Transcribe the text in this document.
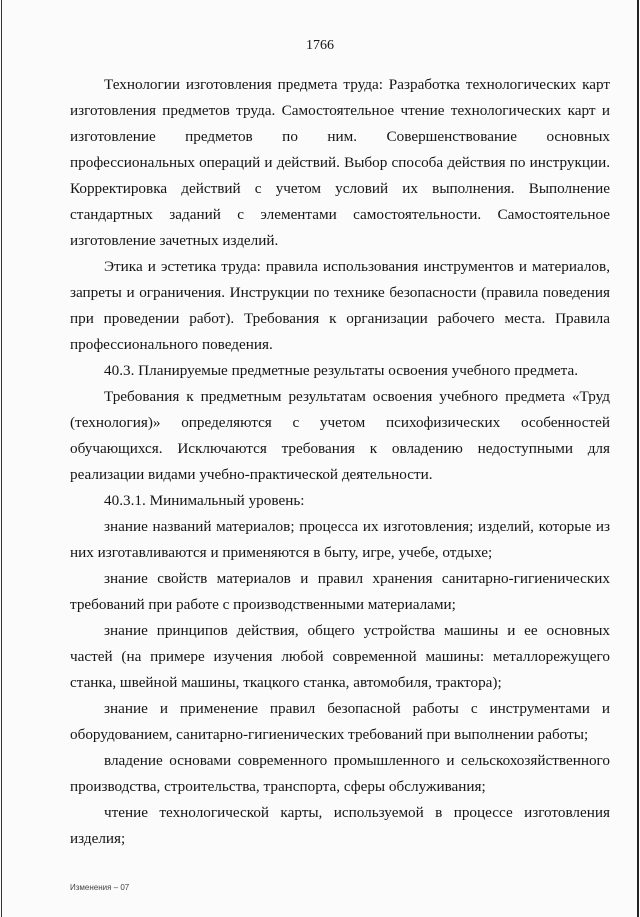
1766

Технологии изготовления предмета труда: Разработка технологических карт изготовления предметов труда. Самостоятельное чтение технологических карт и изготовление предметов по ним. Совершенствование основных профессиональных операций и действий. Выбор способа действия по инструкции. Корректировка действий с учетом условий их выполнения. Выполнение стандартных заданий с элементами самостоятельности. Самостоятельное изготовление зачетных изделий.

Этика и эстетика труда: правила использования инструментов и материалов, запреты и ограничения. Инструкции по технике безопасности (правила поведения при проведении работ). Требования к организации рабочего места. Правила профессионального поведения.

40.3. Планируемые предметные результаты освоения учебного предмета.

Требования к предметным результатам освоения учебного предмета «Труд (технология)» определяются с учетом психофизических особенностей обучающихся. Исключаются требования к овладению недоступными для реализации видами учебно-практической деятельности.

40.3.1. Минимальный уровень:

знание названий материалов; процесса их изготовления; изделий, которые из них изготавливаются и применяются в быту, игре, учебе, отдыхе;

знание свойств материалов и правил хранения санитарно-гигиенических требований при работе с производственными материалами;

знание принципов действия, общего устройства машины и ее основных частей (на примере изучения любой современной машины: металлорежущего станка, швейной машины, ткацкого станка, автомобиля, трактора);

знание и применение правил безопасной работы с инструментами и оборудованием, санитарно-гигиенических требований при выполнении работы;

владение основами современного промышленного и сельскохозяйственного производства, строительства, транспорта, сферы обслуживания;

чтение технологической карты, используемой в процессе изготовления изделия;

Изменения – 07
